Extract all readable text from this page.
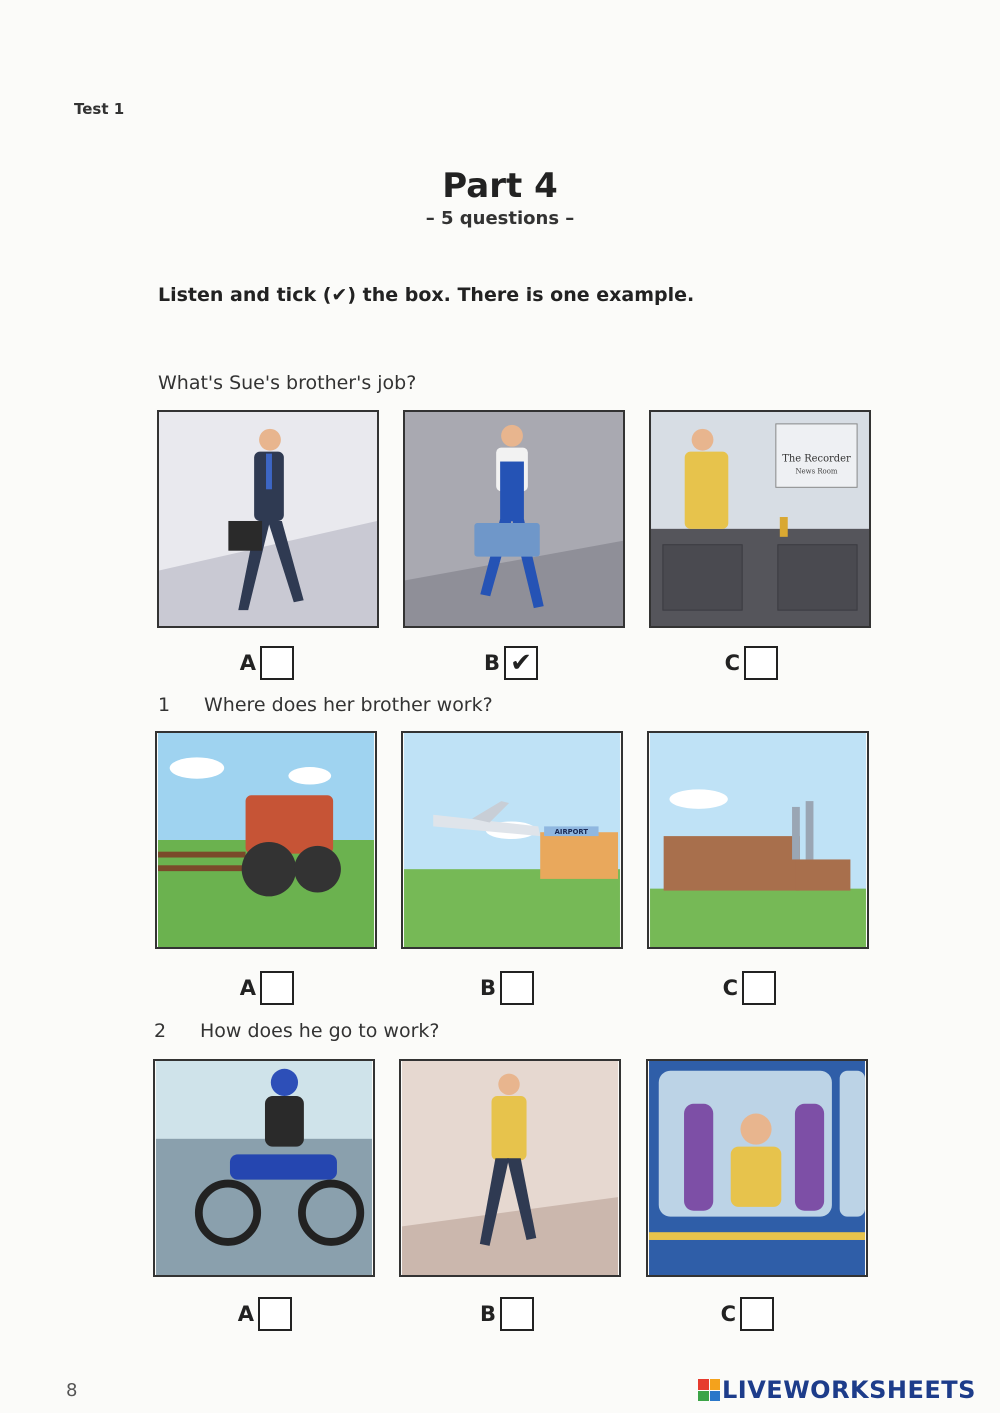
Test 1
Part 4
– 5 questions –
Listen and tick (✔) the box. There is one example.
What's Sue's brother's job?
The Recorder
News Room
A	B ✔	C
1 Where does her brother work?
AIRPORT
A	B	C
2 How does he go to work?
A	B	C
8	LIVEWORKSHEETS
